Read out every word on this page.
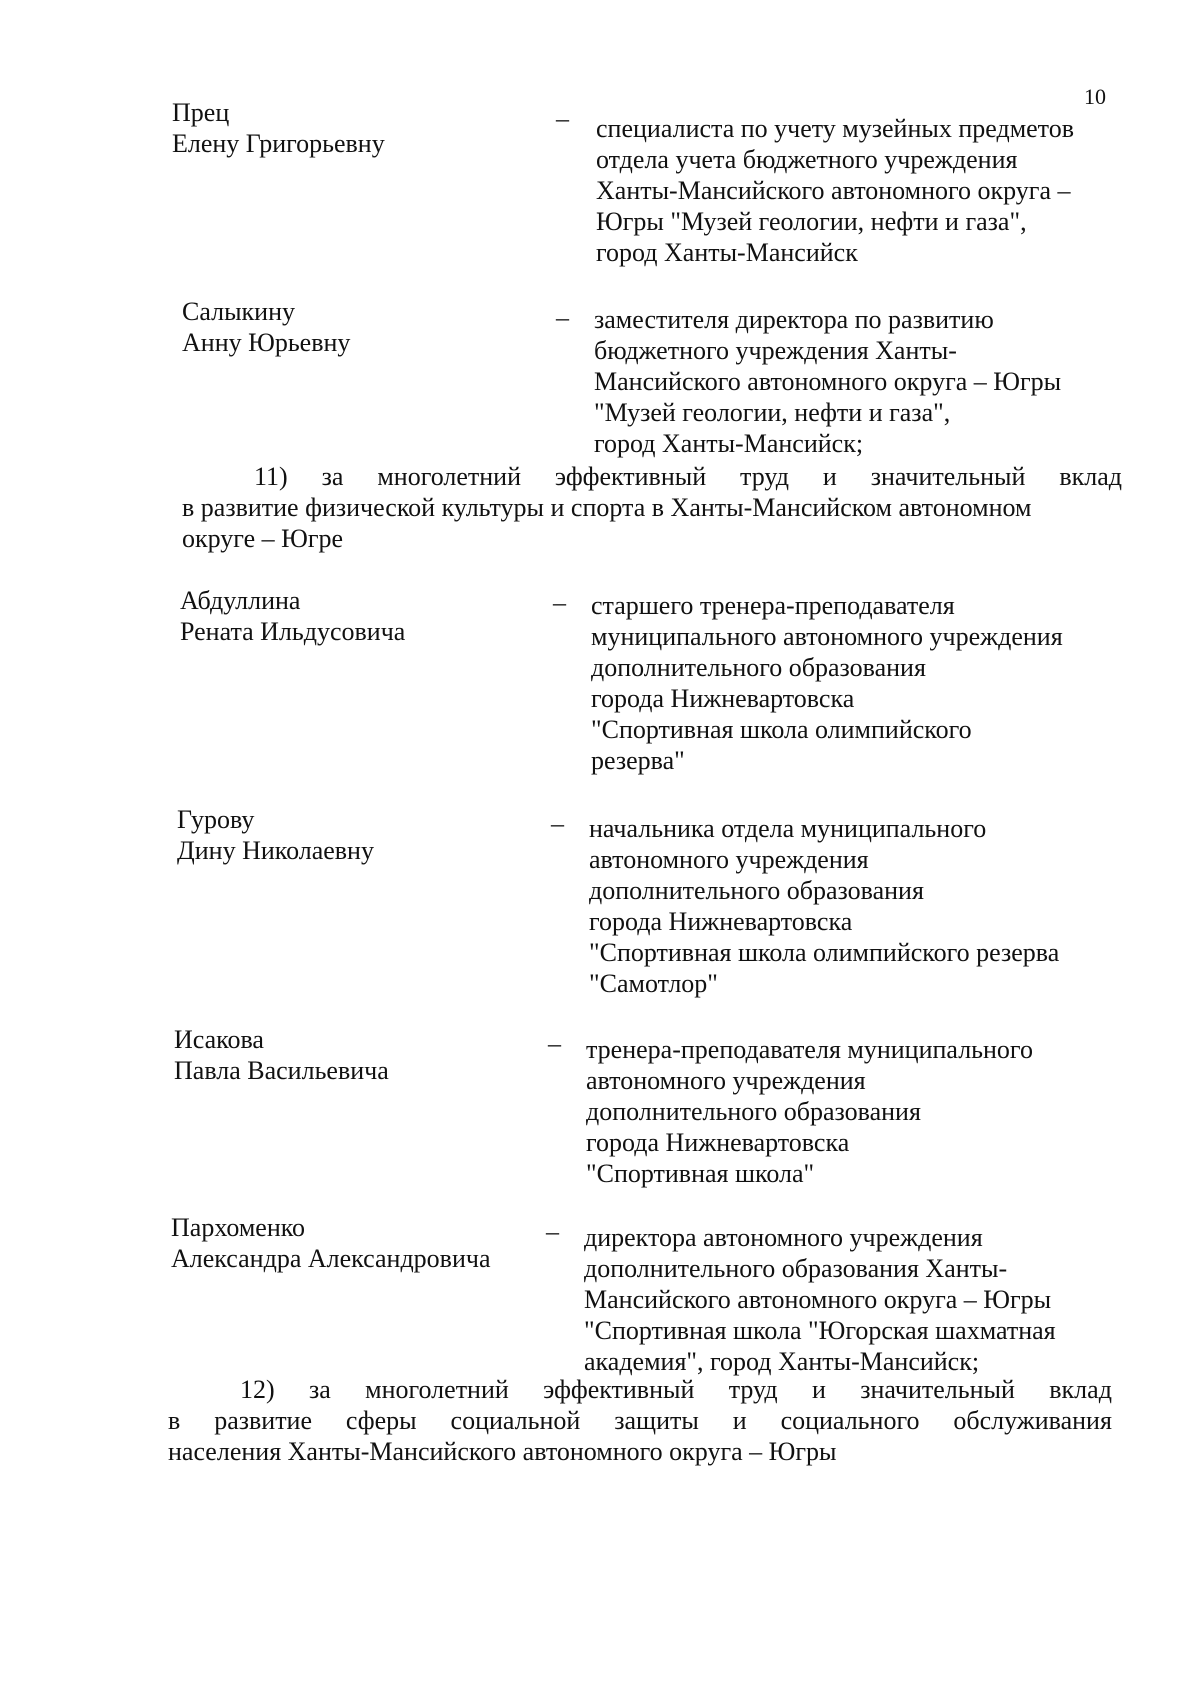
10
Прец
Елену Григорьевну
– специалиста по учету музейных предметов
отдела учета бюджетного учреждения
Ханты-Мансийского автономного округа –
Югры "Музей геологии, нефти и газа",
город Ханты-Мансийск
Салыкину
Анну Юрьевну
– заместителя директора по развитию
бюджетного учреждения Ханты-
Мансийского автономного округа – Югры
"Музей геологии, нефти и газа",
город Ханты-Мансийск;
11) за многолетний эффективный труд и значительный вклад
в развитие физической культуры и спорта в Ханты-Мансийском автономном
округе – Югре
Абдуллина
Рената Ильдусовича
– старшего тренера-преподавателя
муниципального автономного учреждения
дополнительного образования
города Нижневартовска
"Спортивная школа олимпийского
резерва"
Гурову
Дину Николаевну
– начальника отдела муниципального
автономного учреждения
дополнительного образования
города Нижневартовска
"Спортивная школа олимпийского резерва
"Самотлор"
Исакова
Павла Васильевича
– тренера-преподавателя муниципального
автономного учреждения
дополнительного образования
города Нижневартовска
"Спортивная школа"
Пархоменко
Александра Александровича
– директора автономного учреждения
дополнительного образования Ханты-
Мансийского автономного округа – Югры
"Спортивная школа "Югорская шахматная
академия", город Ханты-Мансийск;
12) за многолетний эффективный труд и значительный вклад
в развитие сферы социальной защиты и социального обслуживания
населения Ханты-Мансийского автономного округа – Югры
